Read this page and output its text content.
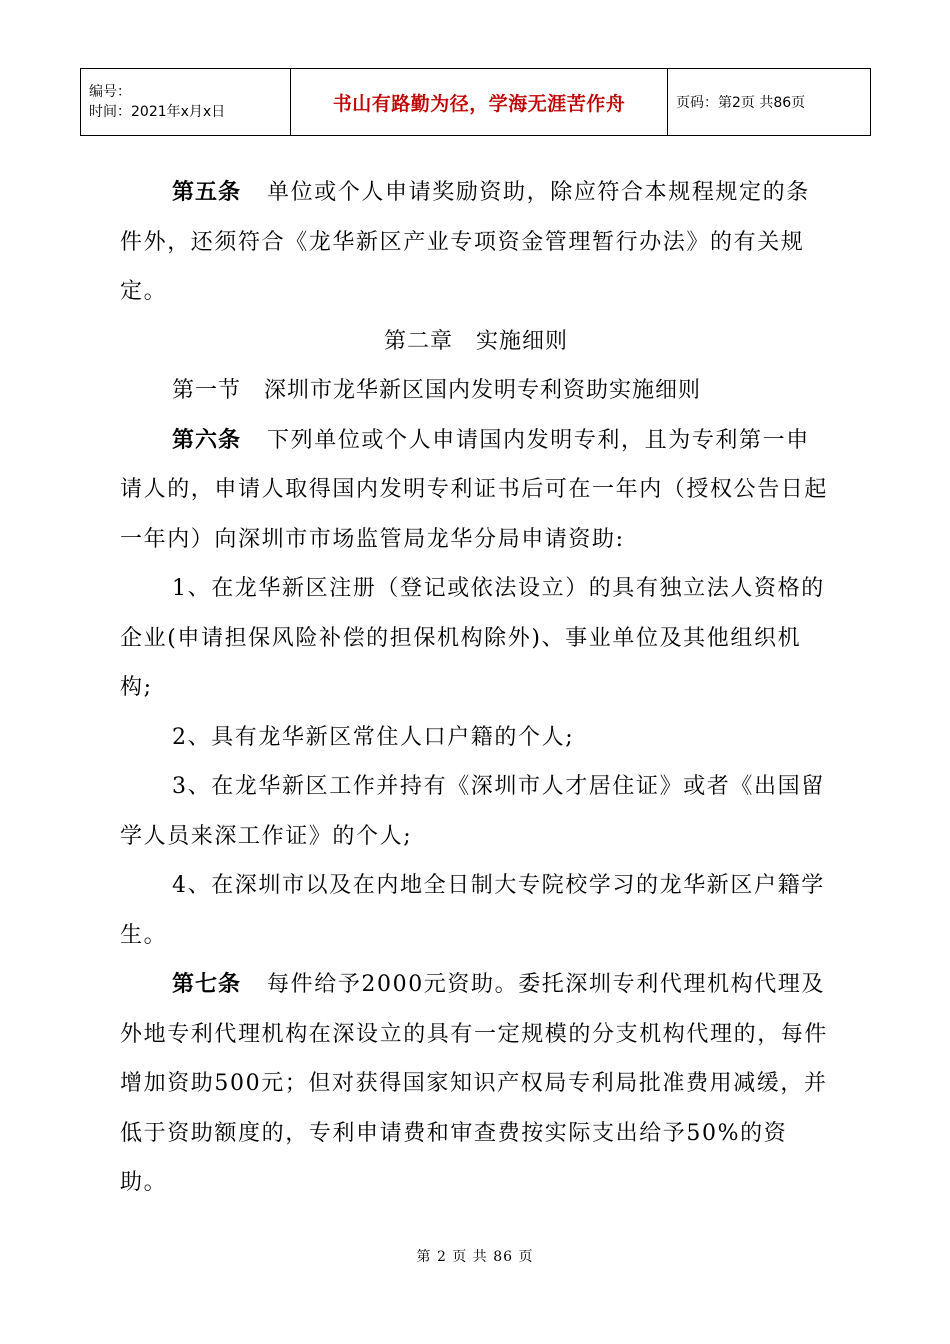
编号：
时间：2021年x月x日	书山有路勤为径，学海无涯苦作舟	页码：第2页 共86页

第五条 单位或个人申请奖励资助，除应符合本规程规定的条件外，还须符合《龙华新区产业专项资金管理暂行办法》的有关规定。

第二章　实施细则

第一节　深圳市龙华新区国内发明专利资助实施细则

第六条 下列单位或个人申请国内发明专利，且为专利第一申请人的，申请人取得国内发明专利证书后可在一年内（授权公告日起一年内）向深圳市市场监管局龙华分局申请资助:

1、在龙华新区注册（登记或依法设立）的具有独立法人资格的企业(申请担保风险补偿的担保机构除外)、事业单位及其他组织机构;

2、具有龙华新区常住人口户籍的个人;

3、在龙华新区工作并持有《深圳市人才居住证》或者《出国留学人员来深工作证》的个人;

4、在深圳市以及在内地全日制大专院校学习的龙华新区户籍学生。

第七条 每件给予2000元资助。委托深圳专利代理机构代理及外地专利代理机构在深设立的具有一定规模的分支机构代理的，每件增加资助500元；但对获得国家知识产权局专利局批准费用减缓，并低于资助额度的，专利申请费和审查费按实际支出给予50%的资助。

第 2 页 共 86 页
